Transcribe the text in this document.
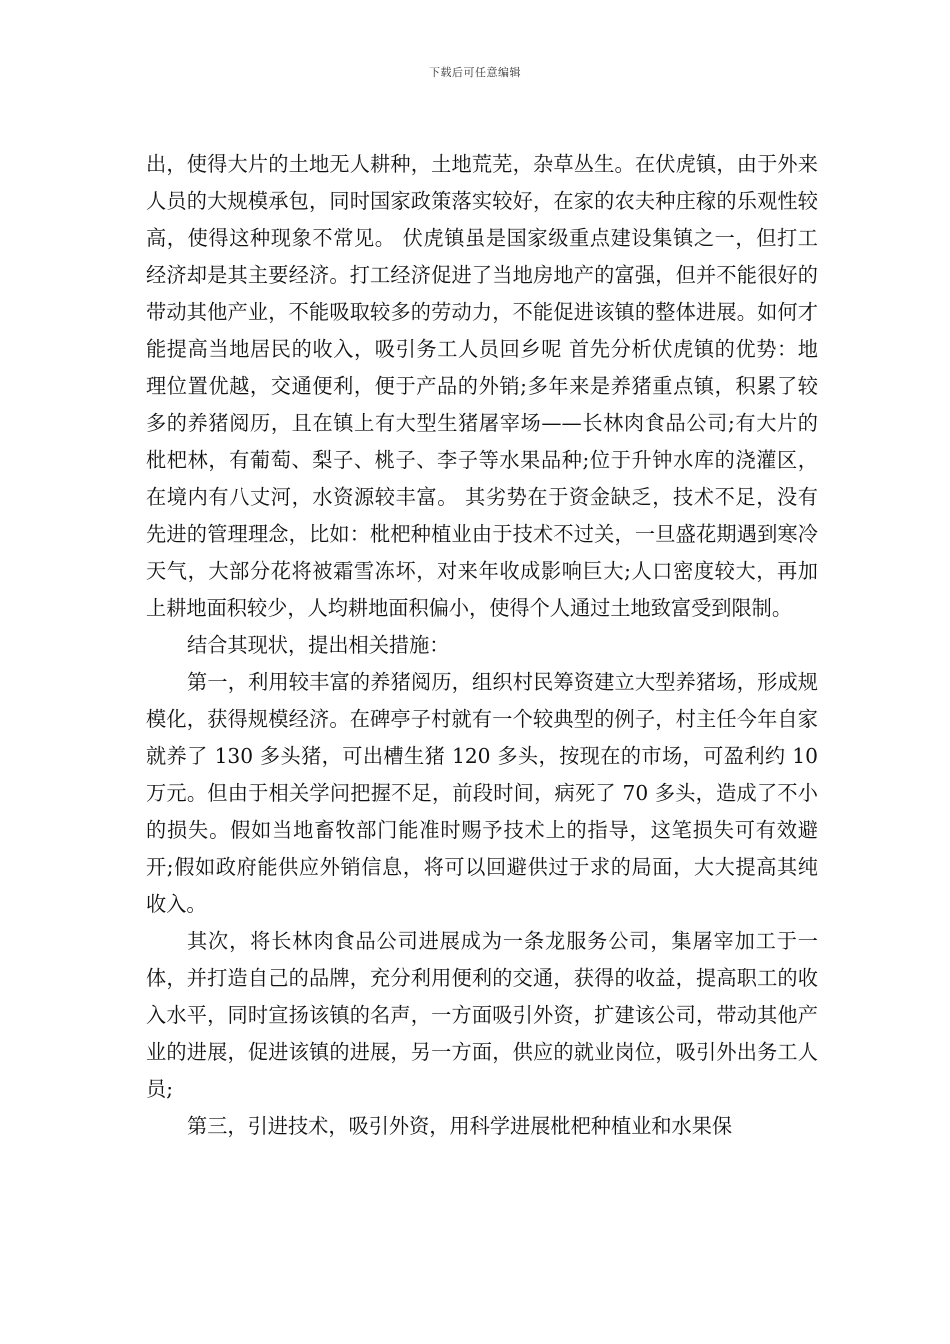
下载后可任意编辑

出，使得大片的土地无人耕种，土地荒芜，杂草丛生。在伏虎镇，由于外来人员的大规模承包，同时国家政策落实较好，在家的农夫种庄稼的乐观性较高，使得这种现象不常见。 伏虎镇虽是国家级重点建设集镇之一，但打工经济却是其主要经济。打工经济促进了当地房地产的富强，但并不能很好的带动其他产业，不能吸取较多的劳动力，不能促进该镇的整体进展。如何才能提高当地居民的收入，吸引务工人员回乡呢 首先分析伏虎镇的优势：地理位置优越，交通便利，便于产品的外销;多年来是养猪重点镇，积累了较多的养猪阅历，且在镇上有大型生猪屠宰场——长林肉食品公司;有大片的枇杷林，有葡萄、梨子、桃子、李子等水果品种;位于升钟水库的浇灌区，在境内有八丈河，水资源较丰富。 其劣势在于资金缺乏，技术不足，没有先进的管理理念，比如：枇杷种植业由于技术不过关，一旦盛花期遇到寒冷天气，大部分花将被霜雪冻坏，对来年收成影响巨大;人口密度较大，再加上耕地面积较少，人均耕地面积偏小，使得个人通过土地致富受到限制。

结合其现状，提出相关措施：

第一，利用较丰富的养猪阅历，组织村民筹资建立大型养猪场，形成规模化，获得规模经济。在碑亭子村就有一个较典型的例子，村主任今年自家就养了 130 多头猪，可出槽生猪 120 多头，按现在的市场，可盈利约 10 万元。但由于相关学问把握不足，前段时间，病死了 70 多头，造成了不小的损失。假如当地畜牧部门能准时赐予技术上的指导，这笔损失可有效避开;假如政府能供应外销信息，将可以回避供过于求的局面，大大提高其纯收入。

其次，将长林肉食品公司进展成为一条龙服务公司，集屠宰加工于一体，并打造自己的品牌，充分利用便利的交通，获得的收益，提高职工的收入水平，同时宣扬该镇的名声，一方面吸引外资，扩建该公司，带动其他产业的进展，促进该镇的进展，另一方面，供应的就业岗位，吸引外出务工人员;

第三，引进技术，吸引外资，用科学进展枇杷种植业和水果保
